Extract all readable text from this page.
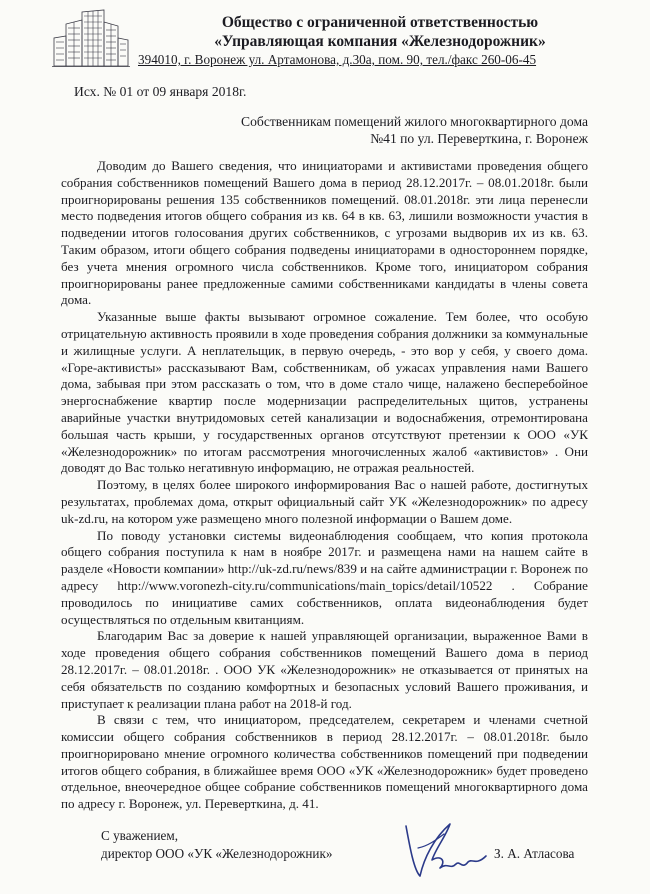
Общество с ограниченной ответственностью
«Управляющая компания «Железнодорожник»
394010, г. Воронеж ул. Артамонова, д.30а, пом. 90, тел./факс 260-06-45
Исх. № 01 от 09 января 2018г.
Собственникам помещений жилого многоквартирного дома
№41 по ул. Переверткина, г. Воронеж

Доводим до Вашего сведения, что инициаторами и активистами проведения общего собрания собственников помещений Вашего дома в период 28.12.2017г. – 08.01.2018г. были проигнорированы решения 135 собственников помещений. 08.01.2018г. эти лица перенесли место подведения итогов общего собрания из кв. 64 в кв. 63, лишили возможности участия в подведении итогов голосования других собственников, с угрозами выдворив их из кв. 63. Таким образом, итоги общего собрания подведены инициаторами в одностороннем порядке, без учета мнения огромного числа собственников. Кроме того, инициатором собрания проигнорированы ранее предложенные самими собственниками кандидаты в члены совета дома.

Указанные выше факты вызывают огромное сожаление. Тем более, что особую отрицательную активность проявили в ходе проведения собрания должники за коммунальные и жилищные услуги. А неплательщик, в первую очередь, - это вор у себя, у своего дома. «Горе-активисты» рассказывают Вам, собственникам, об ужасах управления нами Вашего дома, забывая при этом рассказать о том, что в доме стало чище, налажено бесперебойное энергоснабжение квартир после модернизации распределительных щитов, устранены аварийные участки внутридомовых сетей канализации и водоснабжения, отремонтирована большая часть крыши, у государственных органов отсутствуют претензии к ООО «УК «Железнодорожник» по итогам рассмотрения многочисленных жалоб «активистов» . Они доводят до Вас только негативную информацию, не отражая реальностей.

Поэтому, в целях более широкого информирования Вас о нашей работе, достигнутых результатах, проблемах дома, открыт официальный сайт УК «Железнодорожник» по адресу uk-zd.ru, на котором уже размещено много полезной информации о Вашем доме.

По поводу установки системы видеонаблюдения сообщаем, что копия протокола общего собрания поступила к нам в ноябре 2017г. и размещена нами на нашем сайте в разделе «Новости компании» http://uk-zd.ru/news/839 и на сайте администрации г. Воронеж по адресу http://www.voronezh-city.ru/communications/main_topics/detail/10522 . Собрание проводилось по инициативе самих собственников, оплата видеонаблюдения будет осуществляться по отдельным квитанциям.

Благодарим Вас за доверие к нашей управляющей организации, выраженное Вами в ходе проведения общего собрания собственников помещений Вашего дома в период 28.12.2017г. – 08.01.2018г. . ООО УК «Железнодорожник» не отказывается от принятых на себя обязательств по созданию комфортных и безопасных условий Вашего проживания, и приступает к реализации плана работ на 2018-й год.

В связи с тем, что инициатором, председателем, секретарем и членами счетной комиссии общего собрания собственников в период 28.12.2017г. – 08.01.2018г. было проигнорировано мнение огромного количества собственников помещений при подведении итогов общего собрания, в ближайшее время ООО «УК «Железнодорожник» будет проведено отдельное, внеочередное общее собрание собственников помещений многоквартирного дома по адресу г. Воронеж, ул. Переверткина, д. 41.

С уважением,
директор ООО «УК «Железнодорожник»	З. А. Атласова
